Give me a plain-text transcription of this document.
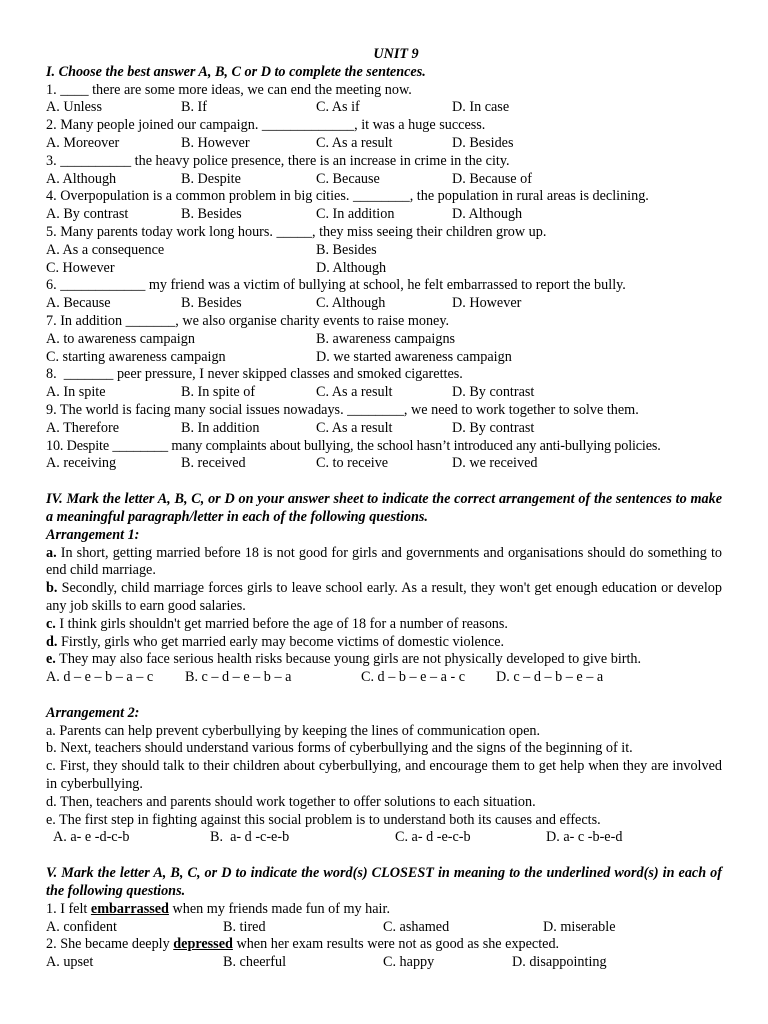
UNIT 9
I. Choose the best answer A, B, C or D to complete the sentences.
1. ____ there are some more ideas, we can end the meeting now.
A. Unless	B. If	C. As if	D. In case
2. Many people joined our campaign. _____________, it was a huge success.
A. Moreover	B. However	C. As a result	D. Besides
3. __________ the heavy police presence, there is an increase in crime in the city.
A. Although	B. Despite	C. Because	D. Because of
4. Overpopulation is a common problem in big cities. ________, the population in rural areas is declining.
A. By contrast	B. Besides	C. In addition	D. Although
5. Many parents today work long hours. _____, they miss seeing their children grow up.
A. As a consequence	B. Besides
C. However	D. Although
6. ____________ my friend was a victim of bullying at school, he felt embarrassed to report the bully.
A. Because	B. Besides	C. Although	D. However
7. In addition _______, we also organise charity events to raise money.
A. to awareness campaign	B. awareness campaigns
C. starting awareness campaign	D. we started awareness campaign
8.  _______ peer pressure, I never skipped classes and smoked cigarettes.
A. In spite	B. In spite of	C. As a result	D. By contrast
9. The world is facing many social issues nowadays. ________, we need to work together to solve them.
A. Therefore	B. In addition	C. As a result	D. By contrast
10. Despite ________ many complaints about bullying, the school hasn’t introduced any anti-bullying policies.
A. receiving	B. received	C. to receive	D. we received
IV. Mark the letter A, B, C, or D on your answer sheet to indicate the correct arrangement of the sentences to make a meaningful paragraph/letter in each of the following questions.
Arrangement 1:
a. In short, getting married before 18 is not good for girls and governments and organisations should do something to end child marriage.
b. Secondly, child marriage forces girls to leave school early. As a result, they won't get enough education or develop any job skills to earn good salaries.
c. I think girls shouldn't get married before the age of 18 for a number of reasons.
d. Firstly, girls who get married early may become victims of domestic violence.
e. They may also face serious health risks because young girls are not physically developed to give birth.
A. d – e – b – a – c B. c – d – e – b – a	C. d – b – e – a - c D. c – d – b – e – a
Arrangement 2:
a. Parents can help prevent cyberbullying by keeping the lines of communication open.
b. Next, teachers should understand various forms of cyberbullying and the signs of the beginning of it.
c. First, they should talk to their children about cyberbullying, and encourage them to get help when they are involved in cyberbullying.
d. Then, teachers and parents should work together to offer solutions to each situation.
e. The first step in fighting against this social problem is to understand both its causes and effects.
A. a- e -d-c-b	B.  a- d -c-e-b	C. a- d -e-c-b	D. a- c -b-e-d
V. Mark the letter A, B, C, or D to indicate the word(s) CLOSEST in meaning to the underlined word(s) in each of the following questions.
1. I felt embarrassed when my friends made fun of my hair.
A. confident	B. tired	C. ashamed	D. miserable
2. She became deeply depressed when her exam results were not as good as she expected.
A. upset	B. cheerful	C. happy	D. disappointing
